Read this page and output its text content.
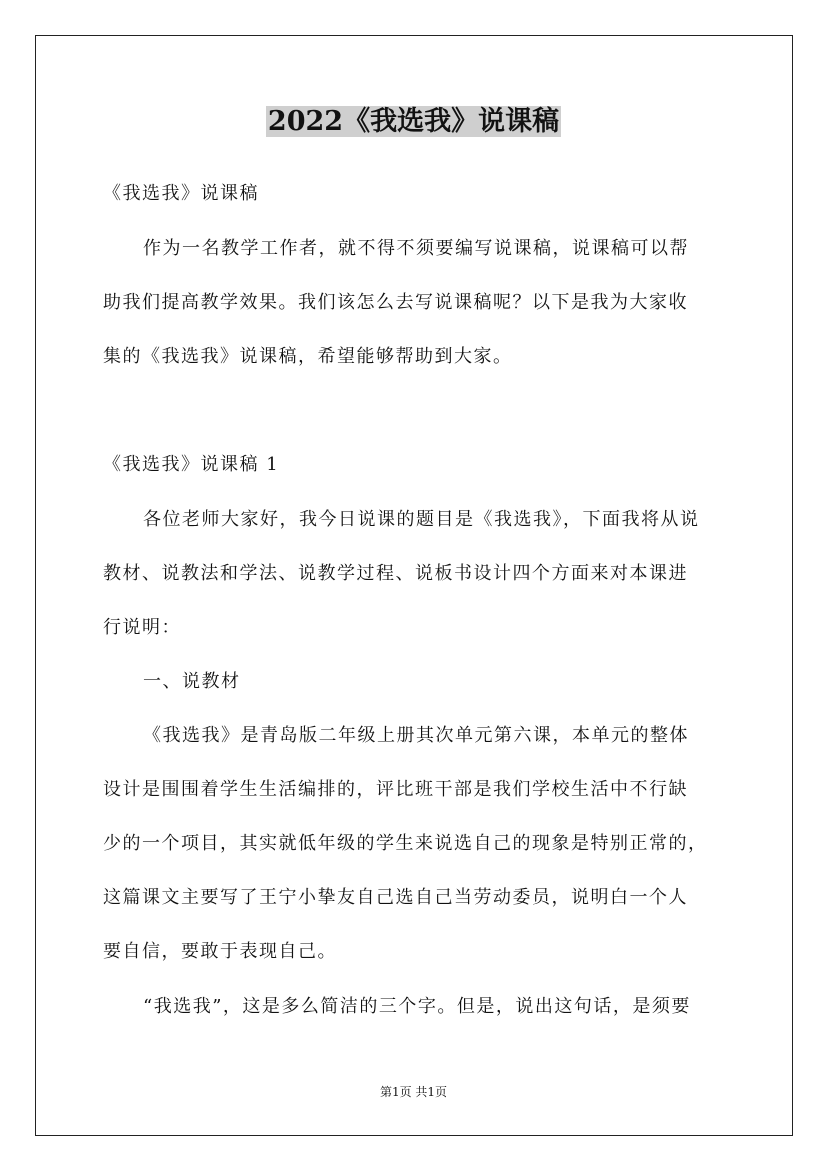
2022《我选我》说课稿
《我选我》说课稿
作为一名教学工作者，就不得不须要编写说课稿，说课稿可以帮
助我们提高教学效果。我们该怎么去写说课稿呢？以下是我为大家收
集的《我选我》说课稿，希望能够帮助到大家。
《我选我》说课稿 1
各位老师大家好，我今日说课的题目是《我选我》，下面我将从说
教材、说教法和学法、说教学过程、说板书设计四个方面来对本课进
行说明：
一、说教材
《我选我》是青岛版二年级上册其次单元第六课，本单元的整体
设计是围围着学生生活编排的，评比班干部是我们学校生活中不行缺
少的一个项目，其实就低年级的学生来说选自己的现象是特别正常的，
这篇课文主要写了王宁小挚友自己选自己当劳动委员，说明白一个人
要自信，要敢于表现自己。
“我选我”，这是多么简洁的三个字。但是，说出这句话，是须要
第1页 共1页
